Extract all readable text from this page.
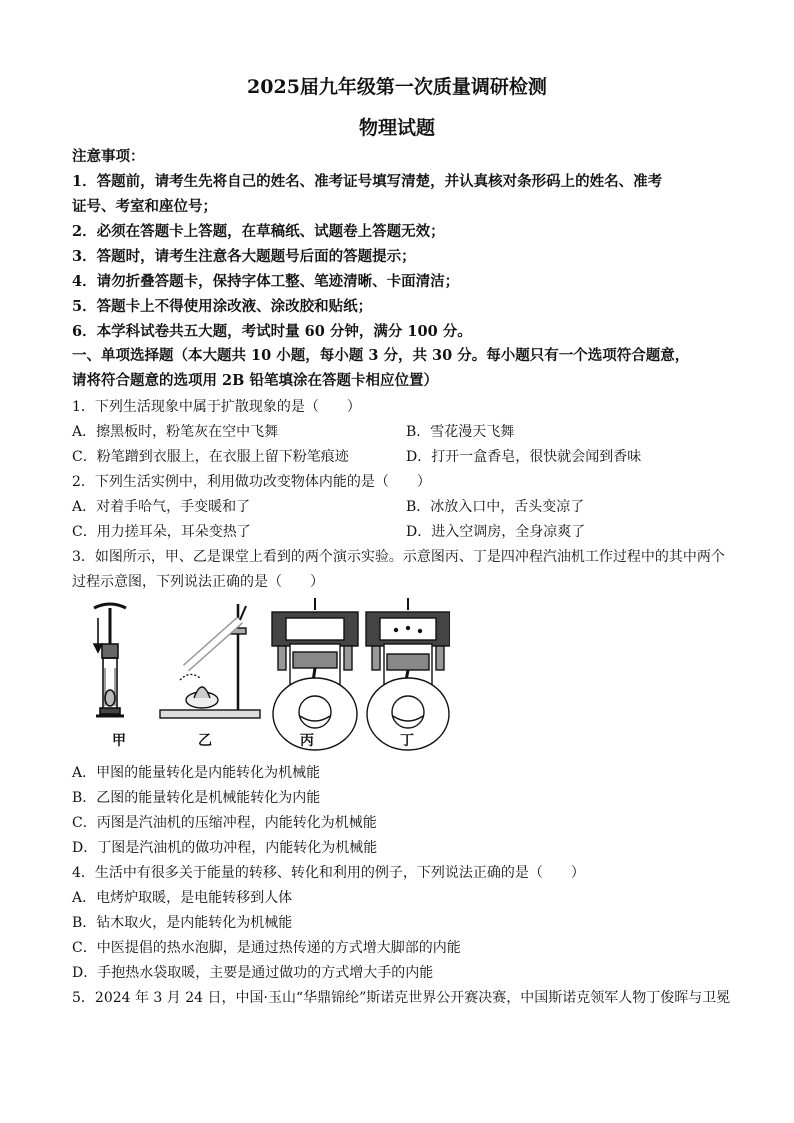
2025届九年级第一次质量调研检测
物理试题
注意事项：
1．答题前，请考生先将自己的姓名、准考证号填写清楚，并认真核对条形码上的姓名、准考
证号、考室和座位号；
2．必须在答题卡上答题，在草稿纸、试题卷上答题无效；
3．答题时，请考生注意各大题题号后面的答题提示；
4．请勿折叠答题卡，保持字体工整、笔迹清晰、卡面清洁；
5．答题卡上不得使用涂改液、涂改胶和贴纸；
6．本学科试卷共五大题，考试时量 60 分钟，满分 100 分。
一、单项选择题（本大题共 10 小题，每小题 3 分，共 30 分。每小题只有一个选项符合题意，
请将符合题意的选项用 2B 铅笔填涂在答题卡相应位置）
1．下列生活现象中属于扩散现象的是（　　）
A．擦黑板时，粉笔灰在空中飞舞	B．雪花漫天飞舞
C．粉笔蹭到衣服上，在衣服上留下粉笔痕迹	D．打开一盒香皂，很快就会闻到香味
2．下列生活实例中，利用做功改变物体内能的是（　　）
A．对着手哈气，手变暖和了	B．冰放入口中，舌头变凉了
C．用力搓耳朵，耳朵变热了	D．进入空调房，全身凉爽了
3．如图所示，甲、乙是课堂上看到的两个演示实验。示意图丙、丁是四冲程汽油机工作过程中的其中两个
过程示意图，下列说法正确的是（　　）
甲	乙	丙	丁
A．甲图的能量转化是内能转化为机械能
B．乙图的能量转化是机械能转化为内能
C．丙图是汽油机的压缩冲程，内能转化为机械能
D．丁图是汽油机的做功冲程，内能转化为机械能
4．生活中有很多关于能量的转移、转化和利用的例子，下列说法正确的是（　　）
A．电烤炉取暖，是电能转移到人体
B．钻木取火，是内能转化为机械能
C．中医提倡的热水泡脚，是通过热传递的方式增大脚部的内能
D．手抱热水袋取暖，主要是通过做功的方式增大手的内能
5．2024 年 3 月 24 日，中国·玉山“华鼎锦纶”斯诺克世界公开赛决赛，中国斯诺克领军人物丁俊晖与卫冕
